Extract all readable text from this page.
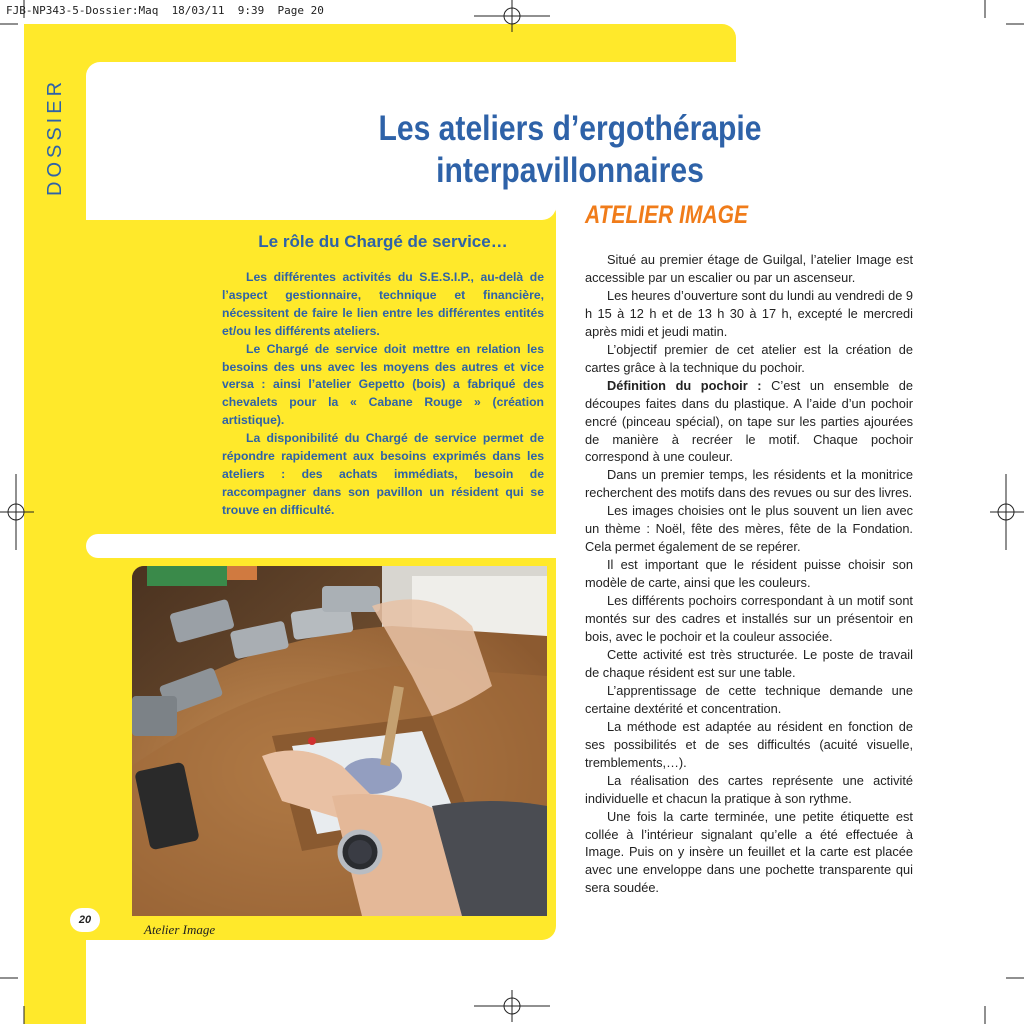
FJB-NP343-5-Dossier:Maq  18/03/11  9:39  Page 20
DOSSIER	Les ateliers d’ergothérapie interpavillonnaires
ATELIER IMAGE
Le rôle du Chargé de service…

Les différentes activités du S.E.S.I.P., au-delà de l’aspect gestionnaire, technique et financière, nécessitent de faire le lien entre les différentes entités et/ou les différents ateliers.

Le Chargé de service doit mettre en relation les besoins des uns avec les moyens des autres et vice versa : ainsi l’atelier Gepetto (bois) a fabriqué des chevalets pour la « Cabane Rouge » (création artistique).

La disponibilité du Chargé de service permet de répondre rapidement aux besoins exprimés dans les ateliers : des achats immédiats, besoin de raccompagner dans son pavillon un résident qui se trouve en difficulté.

Situé au premier étage de Guilgal, l’atelier Image est accessible par un escalier ou par un ascenseur.

Les heures d’ouverture sont du lundi au vendredi de 9 h 15 à 12 h et de 13 h 30 à 17 h, excepté le mercredi après midi et jeudi matin.

L’objectif premier de cet atelier est la création de cartes grâce à la technique du pochoir.

Définition du pochoir : C’est un ensemble de découpes faites dans du plastique. A l’aide d’un pochoir encré (pinceau spécial), on tape sur les parties ajourées de manière à recréer le motif. Chaque pochoir correspond à une couleur.

Dans un premier temps, les résidents et la monitrice recherchent des motifs dans des revues ou sur des livres.

Les images choisies ont le plus souvent un lien avec un thème : Noël, fête des mères, fête de la Fondation. Cela permet également de se repérer.

Il est important que le résident puisse choisir son modèle de carte, ainsi que les couleurs.

Les différents pochoirs correspondant à un motif sont montés sur des cadres et installés sur un présentoir en bois, avec le pochoir et la couleur associée.

Cette activité est très structurée. Le poste de travail de chaque résident est sur une table.

L’apprentissage de cette technique demande une certaine dextérité et concentration.

La méthode est adaptée au résident en fonction de ses possibilités et de ses difficultés (acuité visuelle, tremblements,…).

La réalisation des cartes représente une activité individuelle et chacun la pratique à son rythme.

Une fois la carte terminée, une petite étiquette est collée à l’intérieur signalant qu’elle a été effectuée à Image. Puis on y insère un feuillet et la carte est placée avec une enveloppe dans une pochette transparente qui sera soudée.

Atelier Image
20
